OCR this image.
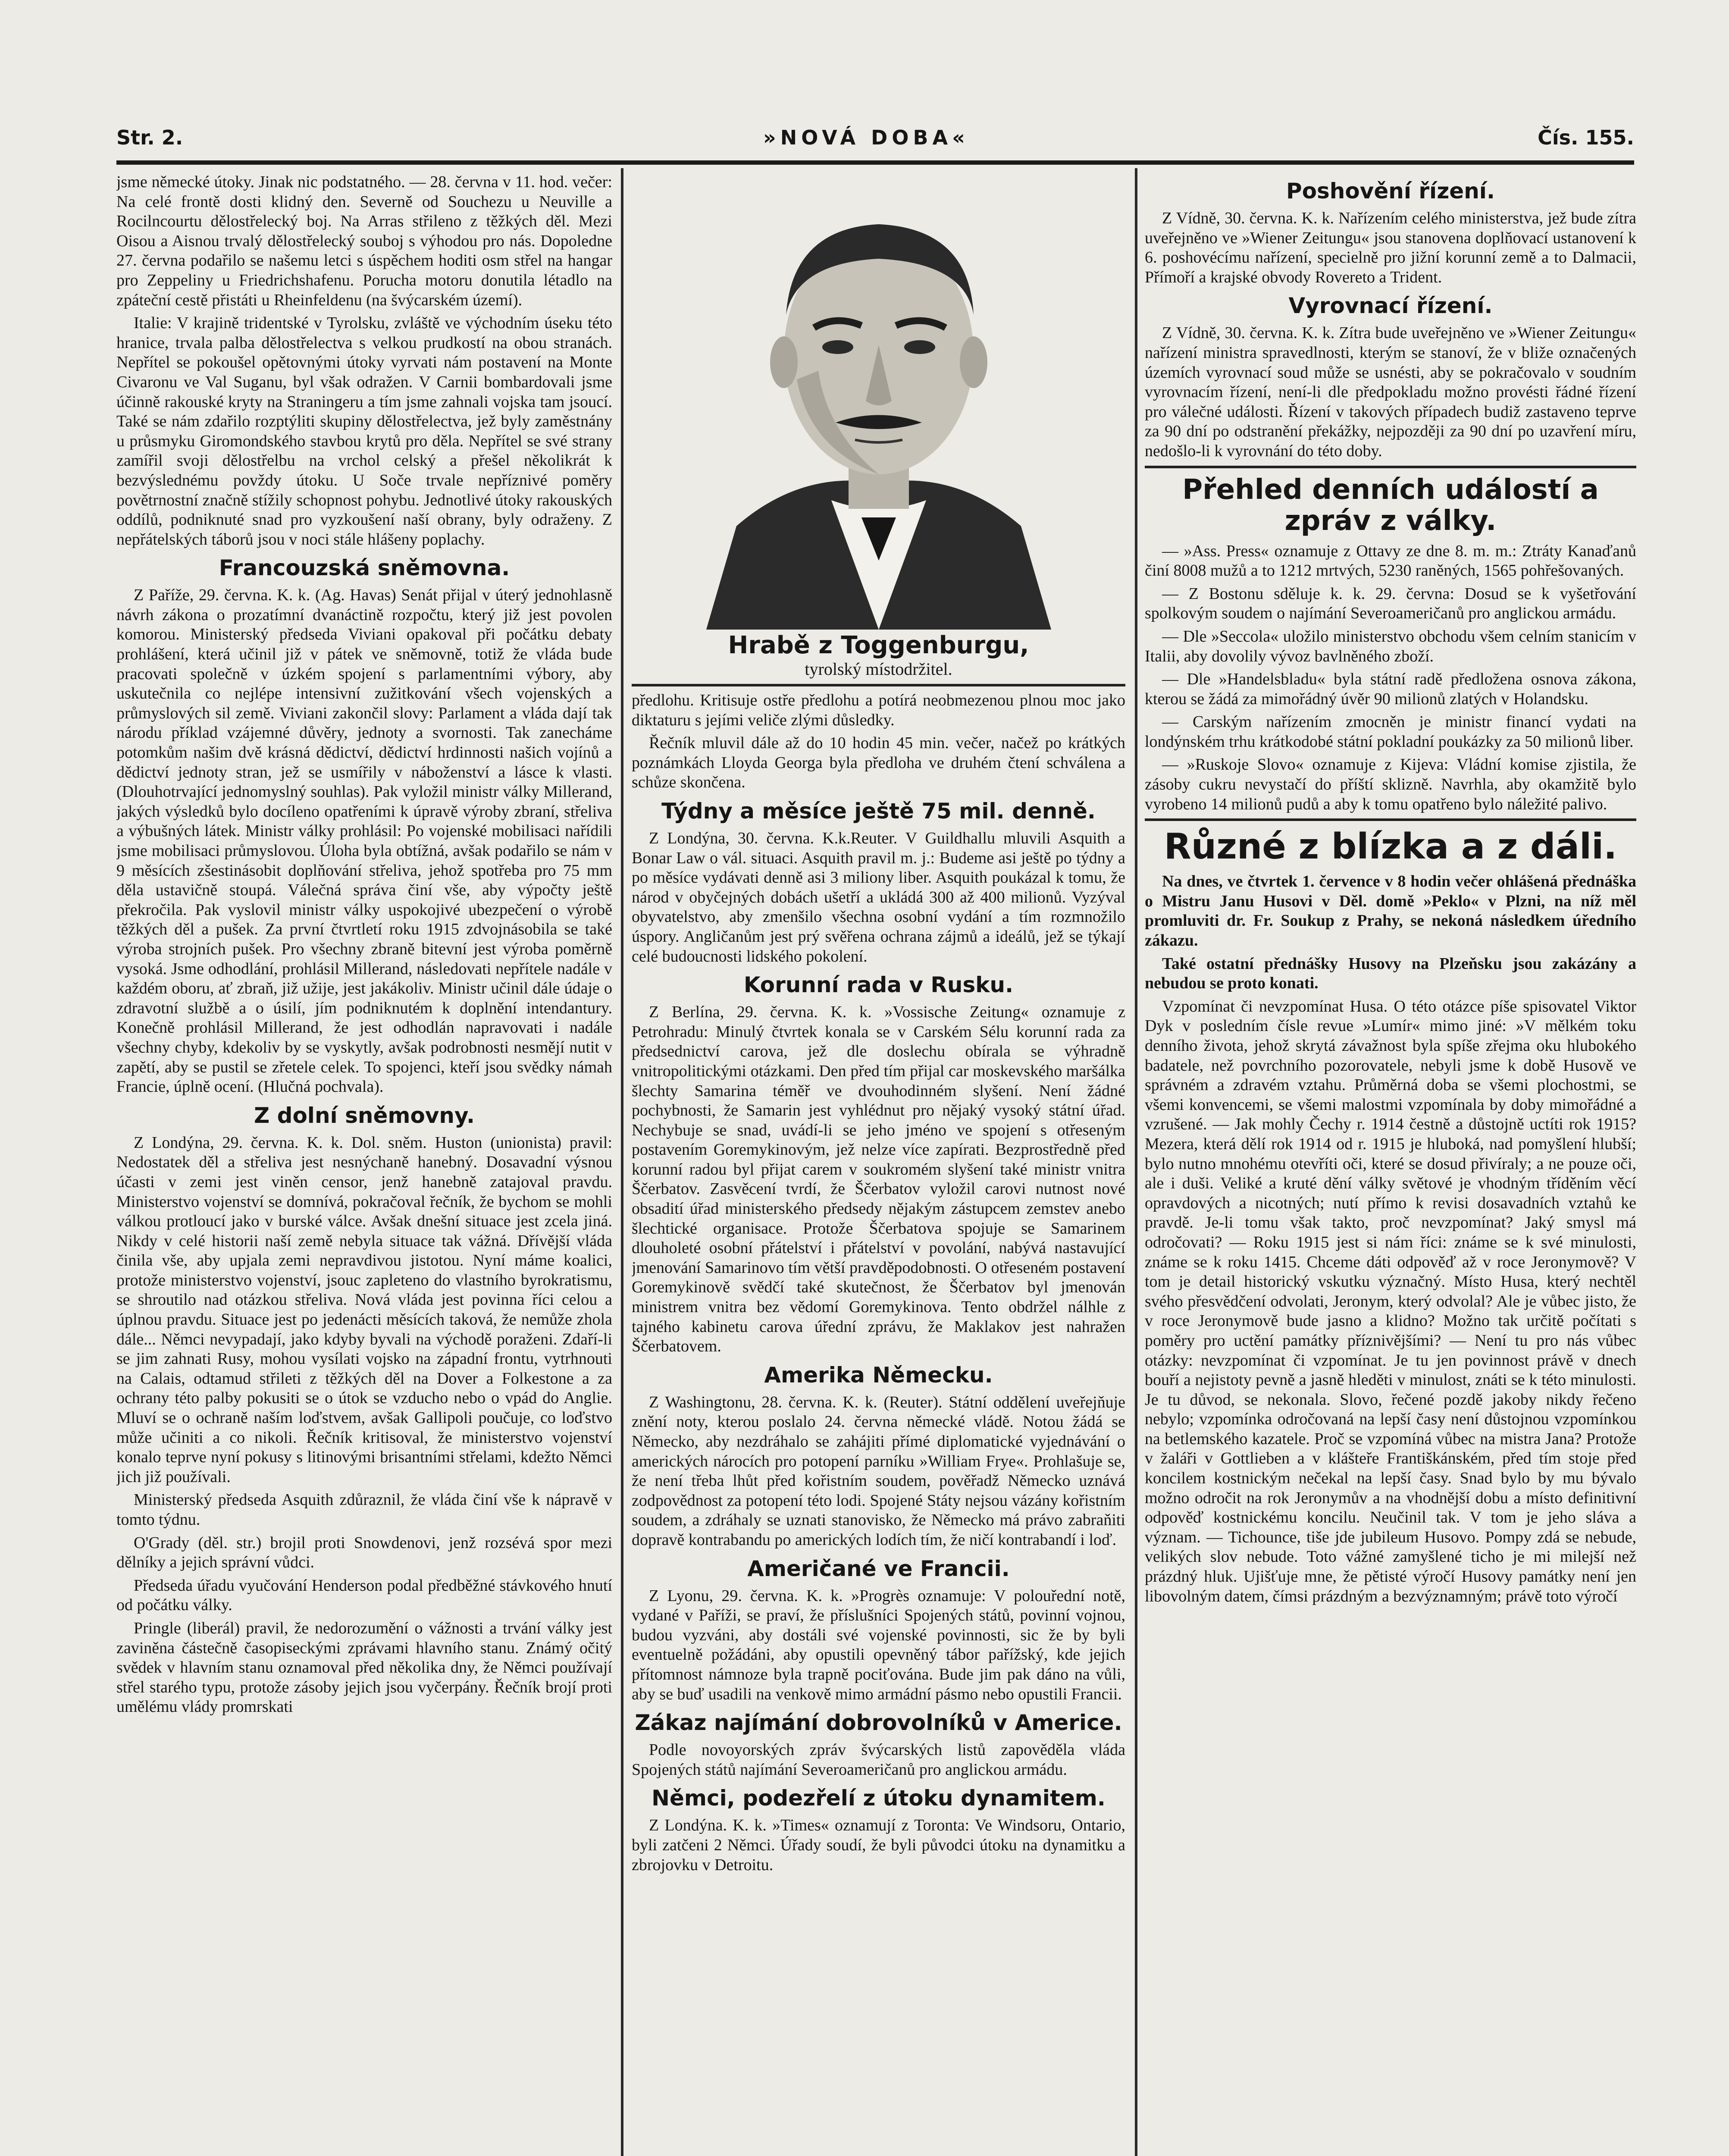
Str. 2.	»NOVÁ DOBA«	Čís. 155.

jsme německé útoky. Jinak nic podstatného. — 28. června v 11. hod. večer: Na celé frontě dosti klidný den. Severně od Souchezu u Neuville a Rocilncourtu dělostřelecký boj. Na Arras střileno z těžkých děl. Mezi Oisou a Aisnou trvalý dělostřelecký souboj s výhodou pro nás. Dopoledne 27. června podařilo se našemu letci s úspěchem hoditi osm střel na hangar pro Zeppeliny u Friedrichshafenu. Porucha motoru donutila létadlo na zpáteční cestě přistáti u Rheinfeldenu (na švýcarském území).

Italie: V krajině tridentské v Tyrolsku, zvláště ve východním úseku této hranice, trvala palba dělostřelectva s velkou prudkostí na obou stranách. Nepřítel se pokoušel opětovnými útoky vyrvati nám postavení na Monte Civaronu ve Val Suganu, byl však odražen. V Carnii bombardovali jsme účinně rakouské kryty na Straningeru a tím jsme zahnali vojska tam jsoucí. Také se nám zdařilo rozptýliti skupiny dělostřelectva, jež byly zaměstnány u průsmyku Giromondského stavbou krytů pro děla. Nepřítel se své strany zamířil svoji dělostřelbu na vrchol celský a přešel několikrát k bezvýslednému povždy útoku. U Soče trvale nepříznivé poměry povětrnostní značně stížily schopnost pohybu. Jednotlivé útoky rakouských oddílů, podniknuté snad pro vyzkoušení naší obrany, byly odraženy. Z nepřátelských táborů jsou v noci stále hlášeny poplachy.

Francouzská sněmovna.

Z Paříže, 29. června. K. k. (Ag. Havas) Senát přijal v úterý jednohlasně návrh zákona o prozatímní dvanáctině rozpočtu, který již jest povolen komorou. Ministerský předseda Viviani opakoval při počátku debaty prohlášení, která učinil již v pátek ve sněmovně, totiž že vláda bude pracovati společně v úzkém spojení s parlamentními výbory, aby uskutečnila co nejlépe intensivní zužitkování všech vojenských a průmyslových sil země. Viviani zakončil slovy: Parlament a vláda dají tak národu příklad vzájemné důvěry, jednoty a svornosti. Tak zanecháme potomkům našim dvě krásná dědictví, dědictví hrdinnosti našich vojínů a dědictví jednoty stran, jež se usmířily v náboženství a lásce k vlasti. (Dlouhotrvající jednomyslný souhlas). Pak vyložil ministr války Millerand, jakých výsledků bylo docíleno opatřeními k úpravě výroby zbraní, střeliva a výbušných látek. Ministr války prohlásil: Po vojenské mobilisaci nařídili jsme mobilisaci průmyslovou. Úloha byla obtížná, avšak podařilo se nám v 9 měsících zšestinásobit doplňování střeliva, jehož spotřeba pro 75 mm děla ustavičně stoupá. Válečná správa činí vše, aby výpočty ještě překročila. Pak vyslovil ministr války uspokojivé ubezpečení o výrobě těžkých děl a pušek. Za první čtvrtletí roku 1915 zdvojnásobila se také výroba strojních pušek. Pro všechny zbraně bitevní jest výroba poměrně vysoká. Jsme odhodlání, prohlásil Millerand, následovati nepřítele nadále v každém oboru, ať zbraň, již užije, jest jakákoliv. Ministr učinil dále údaje o zdravotní službě a o úsilí, jím podniknutém k doplnění intendantury. Konečně prohlásil Millerand, že jest odhodlán napravovati i nadále všechny chyby, kdekoliv by se vyskytly, avšak podrobnosti nesmějí nutit v zapětí, aby se pustil se zřetele celek. To spojenci, kteří jsou svědky námah Francie, úplně ocení. (Hlučná pochvala).

Z dolní sněmovny.

Z Londýna, 29. června. K. k. Dol. sněm. Huston (unionista) pravil: Nedostatek děl a střeliva jest nesnýchaně hanebný. Dosavadní výsnou účasti v zemi jest viněn censor, jenž hanebně zatajoval pravdu. Ministerstvo vojenství se domnívá, pokračoval řečník, že bychom se mohli válkou protloucí jako v burské válce. Avšak dnešní situace jest zcela jiná. Nikdy v celé historii naší země nebyla situace tak vážná. Dřívější vláda činila vše, aby upjala zemi nepravdivou jistotou. Nyní máme koalici, protože ministerstvo vojenství, jsouc zapleteno do vlastního byrokratismu, se shroutilo nad otázkou střeliva. Nová vláda jest povinna říci celou a úplnou pravdu. Situace jest po jedenácti měsících taková, že nemůže zhola dále... Němci nevypadají, jako kdyby byvali na východě poraženi. Zdaří-li se jim zahnati Rusy, mohou vysílati vojsko na západní frontu, vytrhnouti na Calais, odtamud střileti z těžkých děl na Dover a Folkestone a za ochrany této palby pokusiti se o útok se vzducho nebo o vpád do Anglie. Mluví se o ochraně naším loďstvem, avšak Gallipoli poučuje, co loďstvo může učiniti a co nikoli. Řečník kritisoval, že ministerstvo vojenství konalo teprve nyní pokusy s litinovými brisantními střelami, kdežto Němci jich již používali.

Ministerský předseda Asquith zdůraznil, že vláda činí vše k nápravě v tomto týdnu.

O'Grady (děl. str.) brojil proti Snowdenovi, jenž rozsévá spor mezi dělníky a jejich správní vůdci.

Předseda úřadu vyučování Henderson podal předběžné stávkového hnutí od počátku války.

Pringle (liberál) pravil, že nedorozumění o vážnosti a trvání války jest zaviněna částečně časopiseckými zprávami hlavního stanu. Známý očitý svědek v hlavním stanu oznamoval před několika dny, že Němci používají střel starého typu, protože zásoby jejich jsou vyčerpány. Řečník brojí proti umělému vlády promrskati

Hrabě z Toggenburgu,
tyrolský místodržitel.

předlohu. Kritisuje ostře předlohu a potírá neobmezenou plnou moc jako diktaturu s jejími veliče zlými důsledky.

Řečník mluvil dále až do 10 hodin 45 min. večer, načež po krátkých poznámkách Lloyda Georga byla předloha ve druhém čtení schválena a schůze skončena.

Týdny a měsíce ještě 75 mil. denně.

Z Londýna, 30. června. K.k.Reuter. V Guildhallu mluvili Asquith a Bonar Law o vál. situaci. Asquith pravil m. j.: Budeme asi ještě po týdny a po měsíce vydávati denně asi 3 miliony liber. Asquith poukázal k tomu, že národ v obyčejných dobách ušetří a ukládá 300 až 400 milionů. Vyzýval obyvatelstvo, aby zmenšilo všechna osobní vydání a tím rozmnožilo úspory. Angličanům jest prý svěřena ochrana zájmů a ideálů, jež se týkají celé budoucnosti lidského pokolení.

Korunní rada v Rusku.

Z Berlína, 29. června. K. k. »Vossische Zeitung« oznamuje z Petrohradu: Minulý čtvrtek konala se v Carském Sélu korunní rada za předsednictví carova, jež dle doslechu obírala se výhradně vnitropolitickými otázkami. Den před tím přijal car moskevského maršálka šlechty Samarina téměř ve dvouhodinném slyšení. Není žádné pochybnosti, že Samarin jest vyhlédnut pro nějaký vysoký státní úřad. Nechybuje se snad, uvádí-li se jeho jméno ve spojení s otřeseným postavením Goremykinovým, jež nelze více zapírati. Bezprostředně před korunní radou byl přijat carem v soukromém slyšení také ministr vnitra Ščerbatov. Zasvěcení tvrdí, že Ščerbatov vyložil carovi nutnost nové obsadití úřad ministerského předsedy nějakým zástupcem zemstev anebo šlechtické organisace. Protože Ščerbatova spojuje se Samarinem dlouholeté osobní přátelství i přátelství v povolání, nabývá nastavující jmenování Samarinovo tím větší pravděpodobnosti. O otřeseném postavení Goremykinově svědčí také skutečnost, že Ščerbatov byl jmenován ministrem vnitra bez vědomí Goremykinova. Tento obdržel nálhle z tajného kabinetu carova úřední zprávu, že Maklakov jest nahražen Ščerbatovem.

Amerika Německu.

Z Washingtonu, 28. června. K. k. (Reuter). Státní oddělení uveřejňuje znění noty, kterou poslalo 24. června německé vládě. Notou žádá se Německo, aby nezdráhalo se zahájiti přímé diplomatické vyjednávání o amerických nárocích pro potopení parníku »William Frye«. Prohlašuje se, že není třeba lhůt před kořistním soudem, pověřadž Německo uznává zodpovědnost za potopení této lodi. Spojené Státy nejsou vázány kořistním soudem, a zdráhaly se uznati stanovisko, že Německo má právo zabraňiti dopravě kontrabandu po amerických lodích tím, že ničí kontrabandí i loď.

Američané ve Francii.

Z Lyonu, 29. června. K. k. »Progrès oznamuje: V polouřední notě, vydané v Paříži, se praví, že příslušníci Spojených států, povinní vojnou, budou vyzváni, aby dostáli své vojenské povinnosti, sic že by byli eventuelně požádáni, aby opustili opevněný tábor pařížský, kde jejich přítomnost námnoze byla trapně pociťována. Bude jim pak dáno na vůli, aby se buď usadili na venkově mimo armádní pásmo nebo opustili Francii.

Zákaz najímání dobrovolníků v Americe.

Podle novoyorských zpráv švýcarských listů zapověděla vláda Spojených států najímání Severoameričanů pro anglickou armádu.

Němci, podezřelí z útoku dynamitem.

Z Londýna. K. k. »Times« oznamují z Toronta: Ve Windsoru, Ontario, byli zatčeni 2 Němci. Úřady soudí, že byli původci útoku na dynamitku a zbrojovku v Detroitu.

Poshovění řízení.

Z Vídně, 30. června. K. k. Nařízením celého ministerstva, jež bude zítra uveřejněno ve »Wiener Zeitungu« jsou stanovena doplňovací ustanovení k 6. poshovécímu nařízení, specielně pro jižní korunní země a to Dalmacii, Přímoří a krajské obvody Rovereto a Trident.

Vyrovnací řízení.

Z Vídně, 30. června. K. k. Zítra bude uveřejněno ve »Wiener Zeitungu« nařízení ministra spravedlnosti, kterým se stanoví, že v bliže označených územích vyrovnací soud může se usnésti, aby se pokračovalo v soudním vyrovnacím řízení, není-li dle předpokladu možno provésti řádné řízení pro válečné události. Řízení v takových případech budiž zastaveno teprve za 90 dní po odstranění překážky, nejpozději za 90 dní po uzavření míru, nedošlo-li k vyrovnání do této doby.

Přehled denních událostí a zpráv z války.

— »Ass. Press« oznamuje z Ottavy ze dne 8. m. m.: Ztráty Kanaďanů činí 8008 mužů a to 1212 mrtvých, 5230 raněných, 1565 pohřešovaných.

— Z Bostonu sděluje k. k. 29. června: Dosud se k vyšetřování spolkovým soudem o najímání Severoameričanů pro anglickou armádu.

— Dle »Seccola« uložilo ministerstvo obchodu všem celním stanicím v Italii, aby dovolily vývoz bavlněného zboží.

— Dle »Handelsbladu« byla státní radě předložena osnova zákona, kterou se žádá za mimořádný úvěr 90 milionů zlatých v Holandsku.

— Carským nařízením zmocněn je ministr financí vydati na londýnském trhu krátkodobé státní pokladní poukázky za 50 milionů liber.

— »Ruskoje Slovo« oznamuje z Kijeva: Vládní komise zjistila, že zásoby cukru nevystačí do příští sklizně. Navrhla, aby okamžitě bylo vyrobeno 14 milionů pudů a aby k tomu opatřeno bylo náležité palivo.

Různé z blízka a z dáli.

Na dnes, ve čtvrtek 1. července v 8 hodin večer ohlášená přednáška o Mistru Janu Husovi v Děl. domě »Peklo« v Plzni, na níž měl promluviti dr. Fr. Soukup z Prahy, se nekoná následkem úředního zákazu.

Také ostatní přednášky Husovy na Plzeňsku jsou zakázány a nebudou se proto konati.

Vzpomínat či nevzpomínat Husa. O této otázce píše spisovatel Viktor Dyk v posledním čísle revue »Lumír« mimo jiné: »V mělkém toku denního života, jehož skrytá závažnost byla spíše zřejma oku hlubokého badatele, než povrchního pozorovatele, nebyli jsme k době Husově ve správném a zdravém vztahu. Průměrná doba se všemi plochostmi, se všemi konvencemi, se všemi malostmi vzpomínala by doby mimořádné a vzrušené. — Jak mohly Čechy r. 1914 čestně a důstojně uctíti rok 1915? Mezera, která dělí rok 1914 od r. 1915 je hluboká, nad pomyšlení hlubší; bylo nutno mnohému otevříti oči, které se dosud přivíraly; a ne pouze oči, ale i duši. Veliké a kruté dění války světové je vhodným tříděním věcí opravdových a nicotných; nutí přímo k revisi dosavadních vztahů ke pravdě. Je-li tomu však takto, proč nevzpomínat? Jaký smysl má odročovati? — Roku 1915 jest si nám říci: známe se k své minulosti, známe se k roku 1415. Chceme dáti odpověď až v roce Jeronymově? V tom je detail historický vskutku význačný. Místo Husa, který nechtěl svého přesvědčení odvolati, Jeronym, který odvolal? Ale je vůbec jisto, že v roce Jeronymově bude jasno a klidno? Možno tak určitě počítati s poměry pro uctění památky příznivějšími? — Není tu pro nás vůbec otázky: nevzpomínat či vzpomínat. Je tu jen povinnost právě v dnech bouří a nejistoty pevně a jasně hleděti v minulost, znáti se k této minulosti. Je tu důvod, se nekonala. Slovo, řečené pozdě jakoby nikdy řečeno nebylo; vzpomínka odročovaná na lepší časy není důstojnou vzpomínkou na betlemského kazatele. Proč se vzpomíná vůbec na mistra Jana? Protože v žaláři v Gottlieben a v klášteře Františkánském, před tím stoje před koncilem kostnickým nečekal na lepší časy. Snad bylo by mu bývalo možno odročit na rok Jeronymův a na vhodnější dobu a místo definitivní odpověď kostnickému koncilu. Neučinil tak. V tom je jeho sláva a význam. — Tichounce, tiše jde jubileum Husovo. Pompy zdá se nebude, velikých slov nebude. Toto vážné zamyšlené ticho je mi milejší než prázdný hluk. Ujišťuje mne, že pětisté výročí Husovy památky není jen libovolným datem, čímsi prázdným a bezvýznamným; právě toto výročí
